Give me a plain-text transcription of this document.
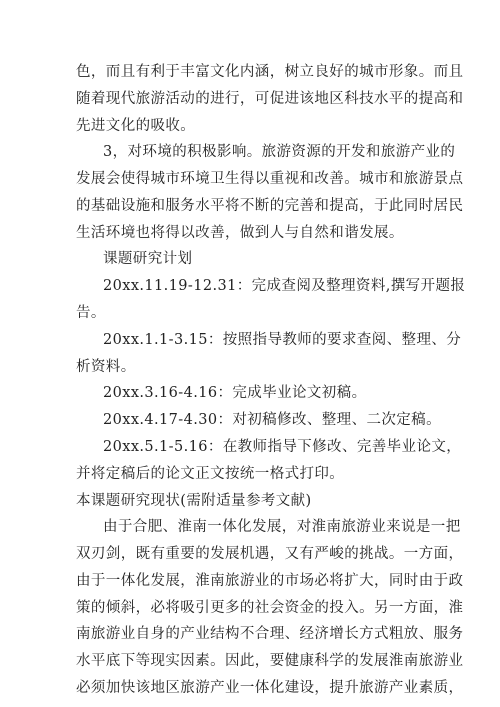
色，而且有利于丰富文化内涵，树立良好的城市形象。而且
随着现代旅游活动的进行，可促进该地区科技水平的提高和
先进文化的吸收。
3，对环境的积极影响。旅游资源的开发和旅游产业的
发展会使得城市环境卫生得以重视和改善。城市和旅游景点
的基础设施和服务水平将不断的完善和提高，于此同时居民
生活环境也将得以改善，做到人与自然和谐发展。
课题研究计划
20xx.11.19-12.31：完成查阅及整理资料,撰写开题报
告。
20xx.1.1-3.15：按照指导教师的要求查阅、整理、分
析资料。
20xx.3.16-4.16：完成毕业论文初稿。
20xx.4.17-4.30：对初稿修改、整理、二次定稿。
20xx.5.1-5.16：在教师指导下修改、完善毕业论文，
并将定稿后的论文正文按统一格式打印。
本课题研究现状(需附适量参考文献)
由于合肥、淮南一体化发展，对淮南旅游业来说是一把
双刃剑，既有重要的发展机遇，又有严峻的挑战。一方面，
由于一体化发展，淮南旅游业的市场必将扩大，同时由于政
策的倾斜，必将吸引更多的社会资金的投入。另一方面，淮
南旅游业自身的产业结构不合理、经济增长方式粗放、服务
水平底下等现实因素。因此，要健康科学的发展淮南旅游业
必须加快该地区旅游产业一体化建设，提升旅游产业素质，
